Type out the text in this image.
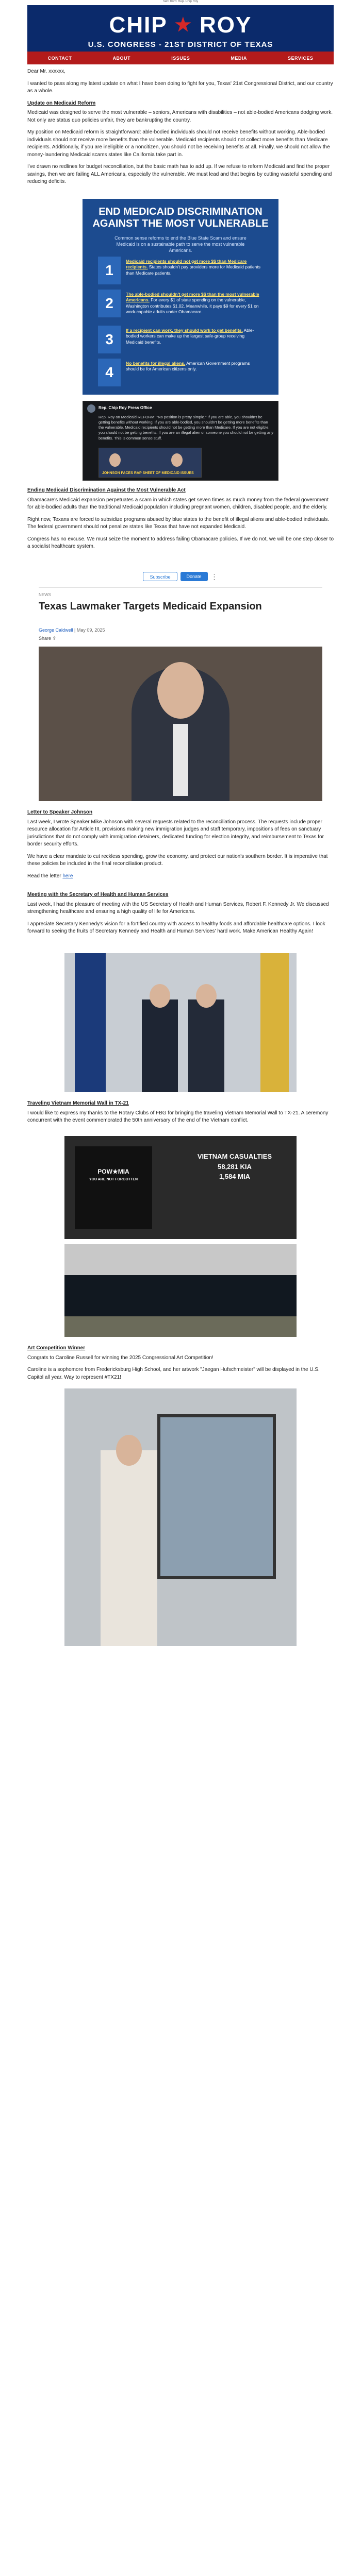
Sent from: Rep. Chip Roy
CHIP ★ ROY
U.S. CONGRESS - 21ST DISTRICT OF TEXAS
CONTACT	ABOUT	ISSUES	MEDIA	SERVICES

Dear Mr. xxxxxx,

I wanted to pass along my latest update on what I have been doing to fight for you, Texas' 21st Congressional District, and our country as a whole.

Update on Medicaid Reform

Medicaid was designed to serve the most vulnerable – seniors, Americans with disabilities – not able-bodied Americans dodging work. Not only are status quo policies unfair, they are bankrupting the country.

My position on Medicaid reform is straightforward: able-bodied individuals should not receive benefits without working. Able-bodied individuals should not receive more benefits than the vulnerable. Medicaid recipients should not collect more benefits than Medicare recipients. Additionally, if you are ineligible or a noncitizen, you should not be receiving benefits at all. Finally, we should not allow the money-laundering Medicaid scams states like California take part in.

I've drawn no redlines for budget reconciliation, but the basic math has to add up. If we refuse to reform Medicaid and find the proper savings, then we are failing ALL Americans, especially the vulnerable. We must lead and that begins by cutting wasteful spending and reducing deficits.

END MEDICAID DISCRIMINATION
AGAINST THE MOST VULNERABLE
Common sense reforms to end the Blue State Scam and ensure Medicaid is on a sustainable path to serve the most vulnerable Americans.
1
Medicaid recipients should not get more $$ than Medicare recipients. States shouldn't pay providers more for Medicaid patients than Medicare patients.
2
The able-bodied shouldn't get more $$ than the most vulnerable Americans. For every $1 of state spending on the vulnerable, Washington contributes $1.02. Meanwhile, it pays $9 for every $1 on work-capable adults under Obamacare.
3
If a recipient can work, they should work to get benefits. Able-bodied workers can make up the largest safe-group receiving Medicaid benefits.
4
No benefits for illegal aliens. American Government programs should be for American citizens only.
Rep. Chip Roy Press Office
Rep. Roy on Medicaid REFORM: "No position is pretty simple." If you are able, you shouldn't be getting benefits without working. If you are able-bodied, you shouldn't be getting more benefits than the vulnerable. Medicaid recipients should not be getting more than Medicare. If you are not eligible, you should not be getting benefits. If you are an illegal alien or someone you should not be getting any benefits. This is common sense stuff.
JOHNSON FACES RAP SHEET OF MEDICAID ISSUES
Ending Medicaid Discrimination Against the Most Vulnerable Act

Obamacare's Medicaid expansion perpetuates a scam in which states get seven times as much money from the federal government for able-bodied adults than the traditional Medicaid population including pregnant women, children, disabled people, and the elderly.

Right now, Texans are forced to subsidize programs abused by blue states to the benefit of illegal aliens and able-bodied individuals. The federal government should not penalize states like Texas that have not expanded Medicaid.

Congress has no excuse. We must seize the moment to address failing Obamacare policies. If we do not, we will be one step closer to a socialist healthcare system.

Subscribe	Donate	⋮
NEWS
Texas Lawmaker Targets Medicaid Expansion
George Caldwell | May 09, 2025
Share ⇪
Letter to Speaker Johnson

Last week, I wrote Speaker Mike Johnson with several requests related to the reconciliation process. The requests include proper resource allocation for Article III, provisions making new immigration judges and staff temporary, impositions of fees on sanctuary jurisdictions that do not comply with immigration detainers, dedicated funding for election integrity, and reimbursement to Texas for border security efforts.

We have a clear mandate to cut reckless spending, grow the economy, and protect our nation's southern border. It is imperative that these policies be included in the final reconciliation product.

Read the letter here

Meeting with the Secretary of Health and Human Services

Last week, I had the pleasure of meeting with the US Secretary of Health and Human Services, Robert F. Kennedy Jr. We discussed strengthening healthcare and ensuring a high quality of life for Americans.

I appreciate Secretary Kennedy's vision for a fortified country with access to healthy foods and affordable healthcare options. I look forward to seeing the fruits of Secretary Kennedy and Health and Human Services' hard work. Make American Healthy Again!

Traveling Vietnam Memorial Wall in TX-21

I would like to express my thanks to the Rotary Clubs of FBG for bringing the traveling Vietnam Memorial Wall to TX-21. A ceremony concurrent with the event commemorated the 50th anniversary of the end of the Vietnam conflict.

POW★MIA
YOU ARE NOT FORGOTTEN
VIETNAM CASUALTIES
58,281 KIA
1,584 MIA
Art Competition Winner

Congrats to Caroline Russell for winning the 2025 Congressional Art Competition!

Caroline is a sophomore from Fredericksburg High School, and her artwork "Jaegan Hufschmeister" will be displayed in the U.S. Capitol all year. Way to represent #TX21!
